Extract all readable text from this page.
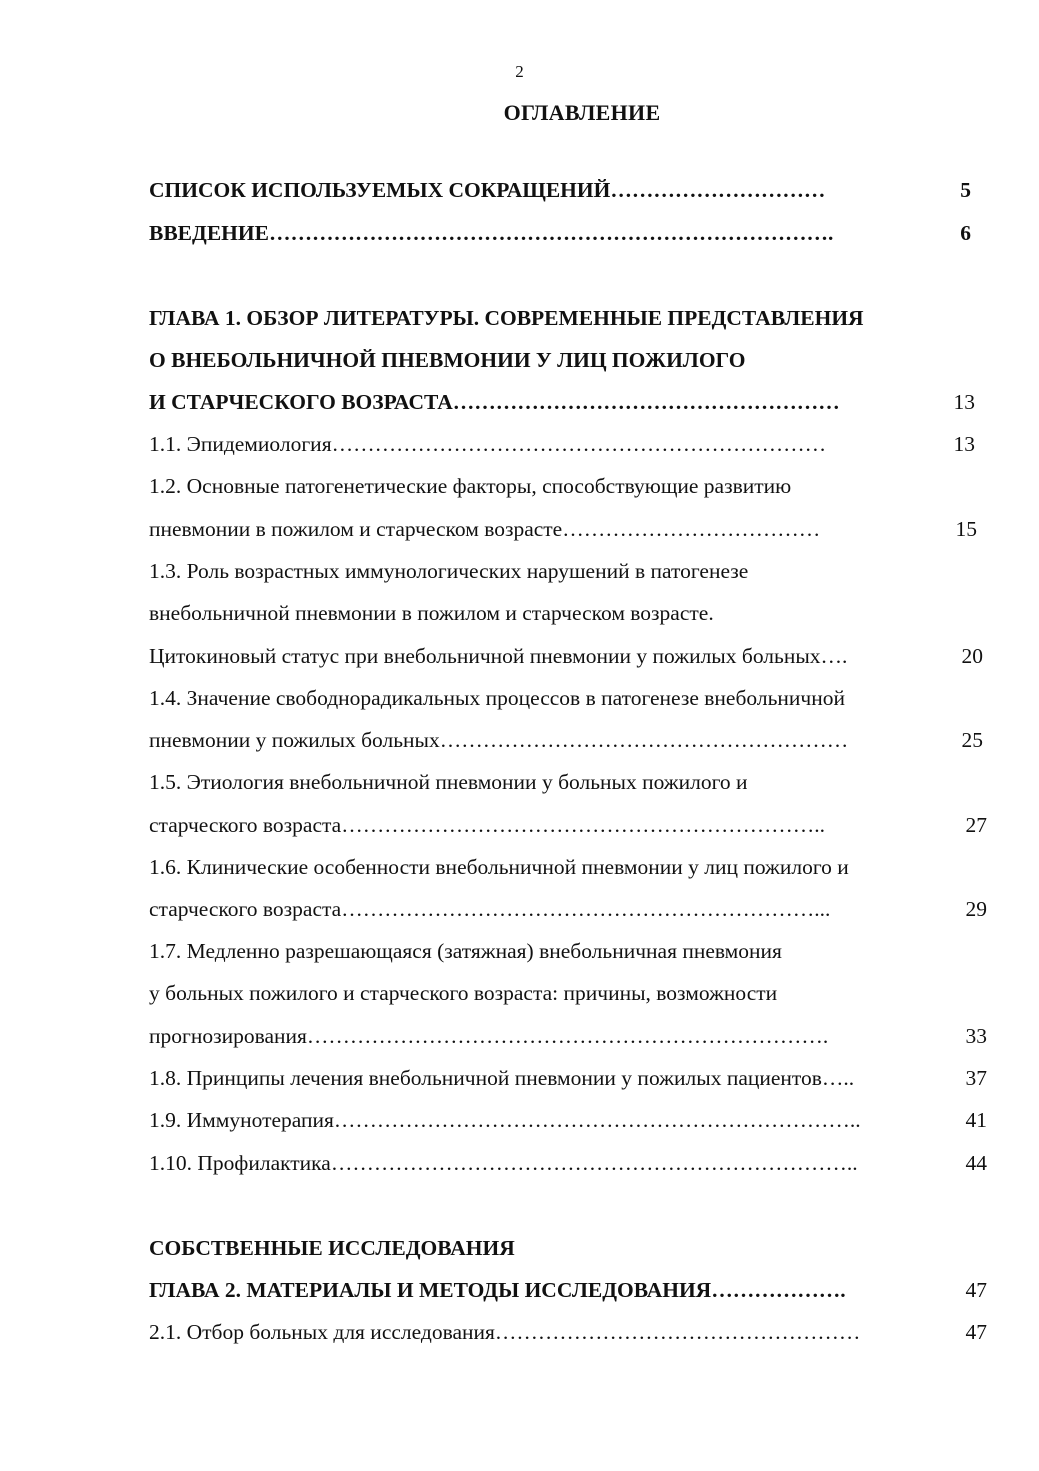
2
ОГЛАВЛЕНИЕ
СПИСОК ИСПОЛЬЗУЕМЫХ СОКРАЩЕНИЙ…………………………	5
ВВЕДЕНИЕ…………………………………………………………………….	6
ГЛАВА 1. ОБЗОР ЛИТЕРАТУРЫ. СОВРЕМЕННЫЕ ПРЕДСТАВЛЕНИЯ
О ВНЕБОЛЬНИЧНОЙ ПНЕВМОНИИ У ЛИЦ ПОЖИЛОГО
И СТАРЧЕСКОГО ВОЗРАСТА………………………………………………	13
1.1. Эпидемиология……………………………………………………………	13
1.2. Основные патогенетические факторы, способствующие развитию
пневмонии в пожилом и старческом возрасте………………………………	15
1.3. Роль возрастных иммунологических нарушений в патогенезе
внебольничной пневмонии в пожилом и старческом возрасте.
Цитокиновый статус при внебольничной пневмонии у пожилых больных….	20
1.4. Значение свободнорадикальных процессов в патогенезе внебольничной
пневмонии у пожилых больных…………………………………………………	25
1.5. Этиология внебольничной пневмонии у больных пожилого и
старческого возраста…………………………………………………………..	27
1.6. Клинические особенности внебольничной пневмонии у лиц пожилого и
старческого возраста…………………………………………………………...	29
1.7. Медленно разрешающаяся (затяжная) внебольничная пневмония
у больных пожилого и старческого возраста: причины, возможности
прогнозирования……………………………………………………………….	33
1.8. Принципы лечения внебольничной пневмонии у пожилых пациентов…..	37
1.9. Иммунотерапия………………………………………………………………..	41
1.10. Профилактика………………………………………………………………..	44
СОБСТВЕННЫЕ ИССЛЕДОВАНИЯ
ГЛАВА 2. МАТЕРИАЛЫ И МЕТОДЫ ИССЛЕДОВАНИЯ……………….	47
2.1. Отбор больных для исследования……………………………………………	47
